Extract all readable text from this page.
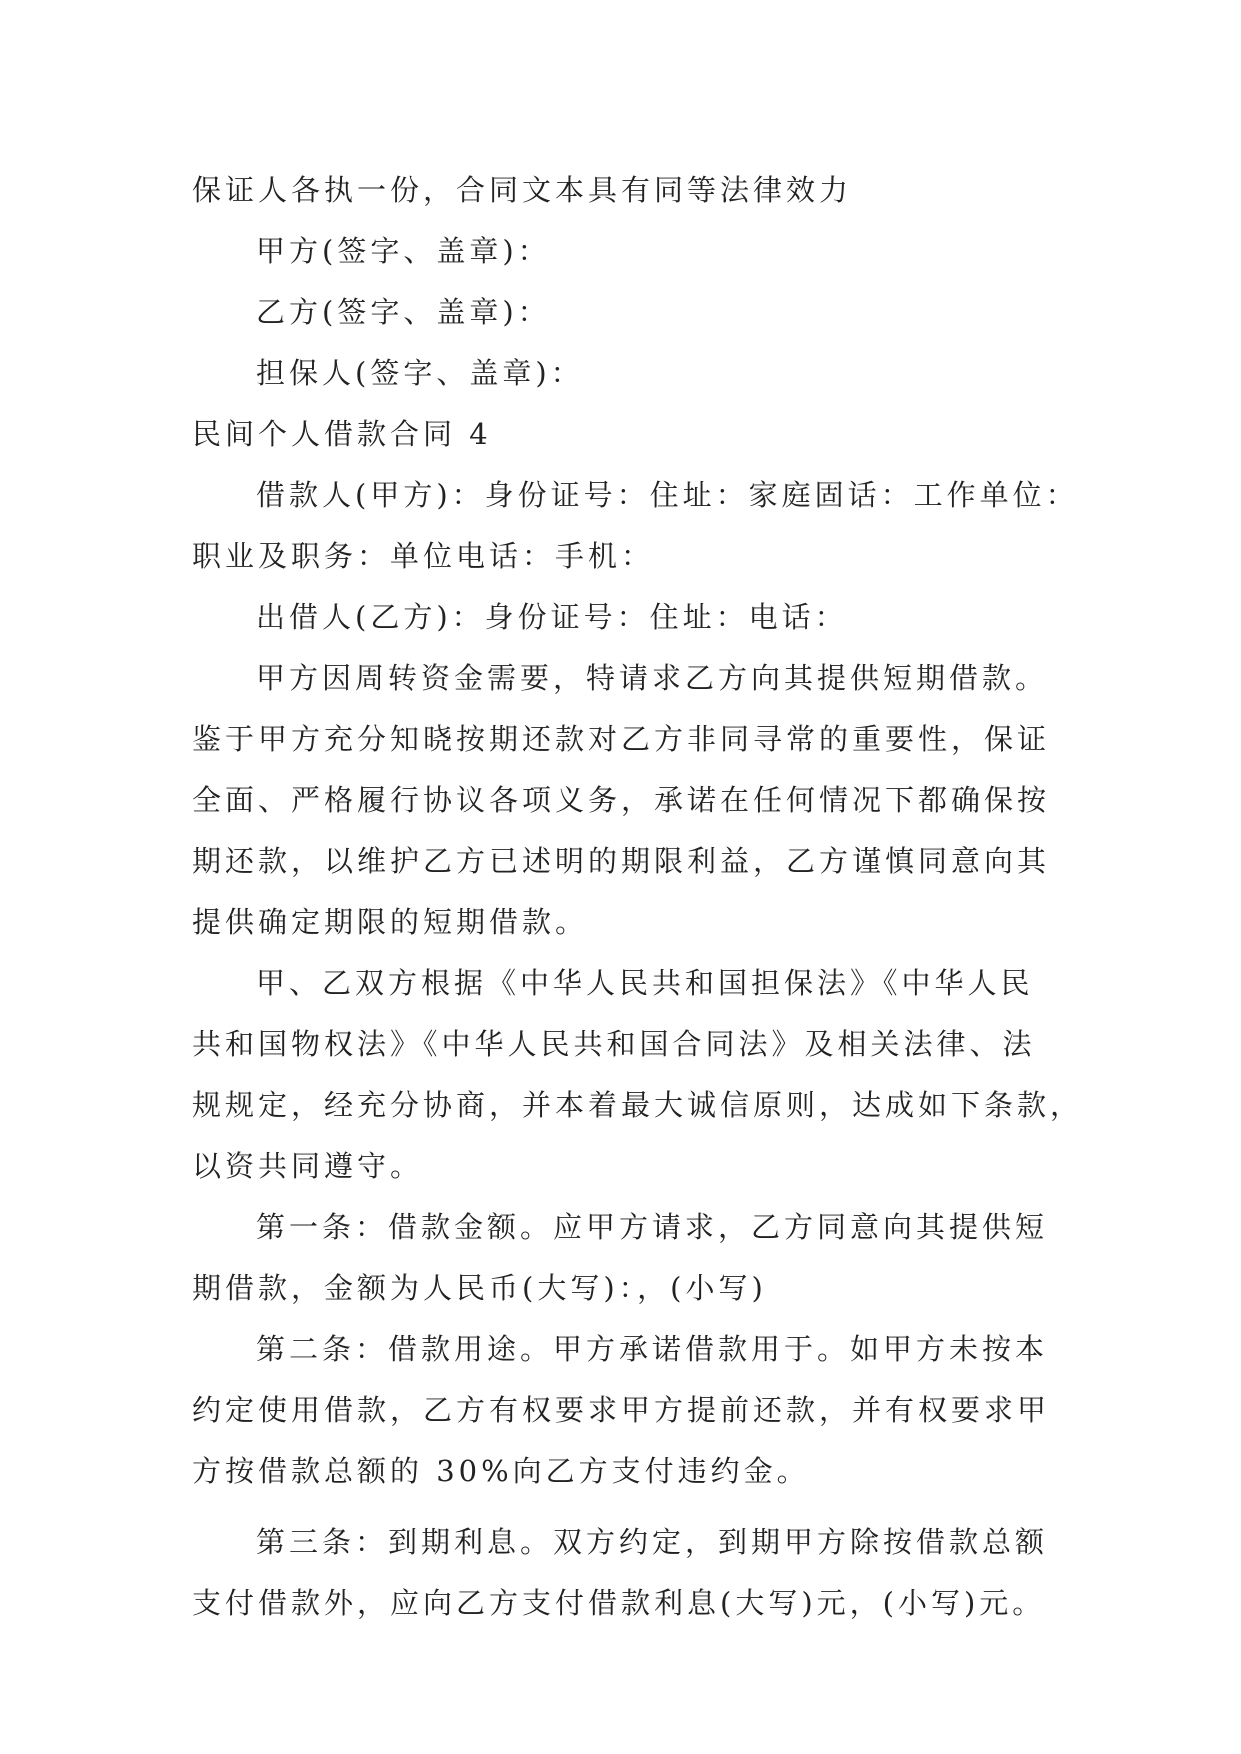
保证人各执一份，合同文本具有同等法律效力
甲方(签字、盖章)：
乙方(签字、盖章)：
担保人(签字、盖章)：
民间个人借款合同 4
借款人(甲方)：身份证号：住址：家庭固话：工作单位：
职业及职务：单位电话：手机：
出借人(乙方)：身份证号：住址：电话：
甲方因周转资金需要，特请求乙方向其提供短期借款。
鉴于甲方充分知晓按期还款对乙方非同寻常的重要性，保证
全面、严格履行协议各项义务，承诺在任何情况下都确保按
期还款，以维护乙方已述明的期限利益，乙方谨慎同意向其
提供确定期限的短期借款。
甲、乙双方根据《中华人民共和国担保法》《中华人民
共和国物权法》《中华人民共和国合同法》及相关法律、法
规规定，经充分协商，并本着最大诚信原则，达成如下条款，
以资共同遵守。
第一条：借款金额。应甲方请求，乙方同意向其提供短
期借款，金额为人民币(大写)：，(小写)
第二条：借款用途。甲方承诺借款用于。如甲方未按本
约定使用借款，乙方有权要求甲方提前还款，并有权要求甲
方按借款总额的 30%向乙方支付违约金。
第三条：到期利息。双方约定，到期甲方除按借款总额
支付借款外，应向乙方支付借款利息(大写)元，(小写)元。
